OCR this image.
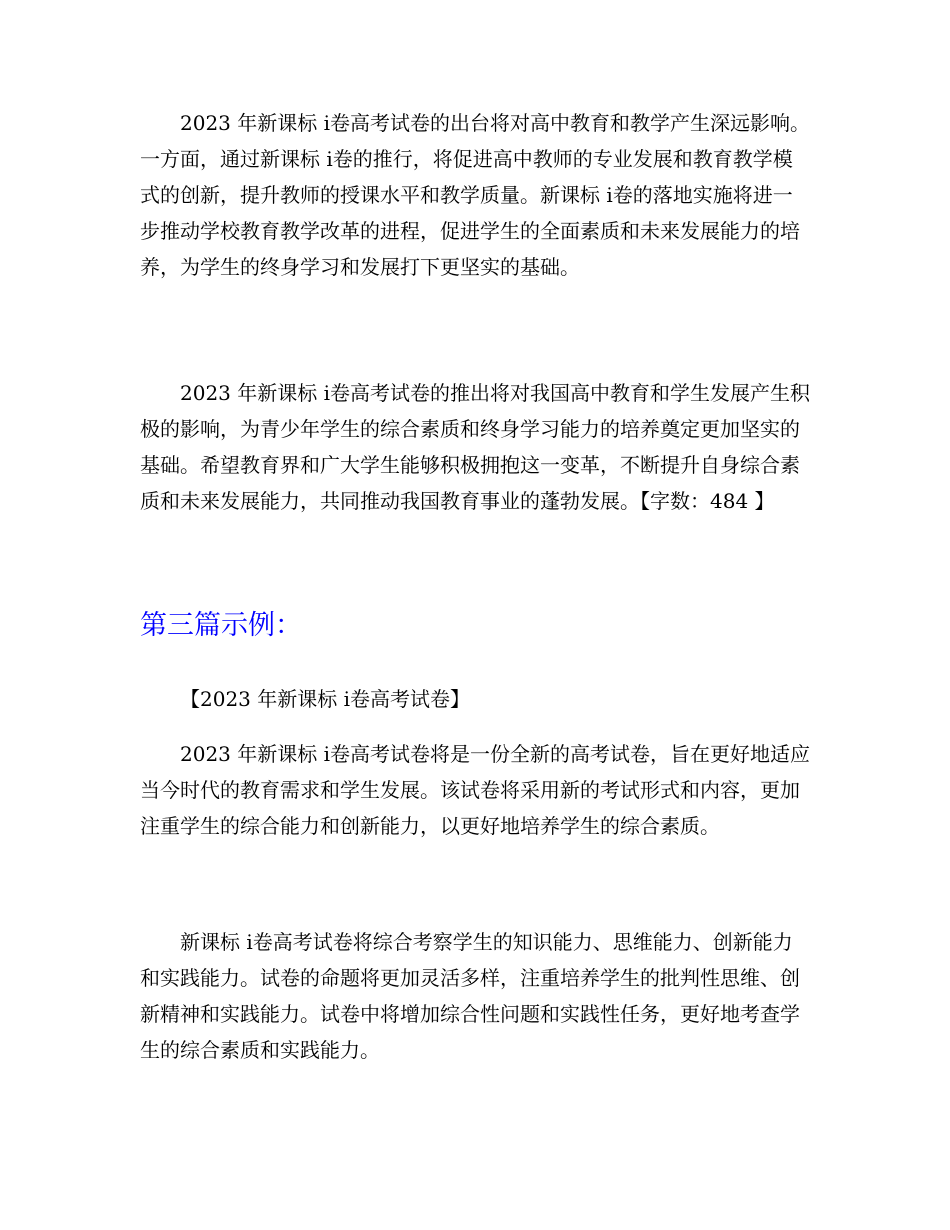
2023 年新课标 i卷高考试卷的出台将对高中教育和教学产生深远影响。一方面，通过新课标 i卷的推行，将促进高中教师的专业发展和教育教学模式的创新，提升教师的授课水平和教学质量。新课标 i卷的落地实施将进一步推动学校教育教学改革的进程，促进学生的全面素质和未来发展能力的培养，为学生的终身学习和发展打下更坚实的基础。

2023 年新课标 i卷高考试卷的推出将对我国高中教育和学生发展产生积极的影响，为青少年学生的综合素质和终身学习能力的培养奠定更加坚实的基础。希望教育界和广大学生能够积极拥抱这一变革，不断提升自身综合素质和未来发展能力，共同推动我国教育事业的蓬勃发展。【字数：484 】

第三篇示例：

【2023 年新课标 i卷高考试卷】

2023 年新课标 i卷高考试卷将是一份全新的高考试卷，旨在更好地适应当今时代的教育需求和学生发展。该试卷将采用新的考试形式和内容，更加注重学生的综合能力和创新能力，以更好地培养学生的综合素质。

新课标 i卷高考试卷将综合考察学生的知识能力、思维能力、创新能力和实践能力。试卷的命题将更加灵活多样，注重培养学生的批判性思维、创新精神和实践能力。试卷中将增加综合性问题和实践性任务，更好地考查学生的综合素质和实践能力。
